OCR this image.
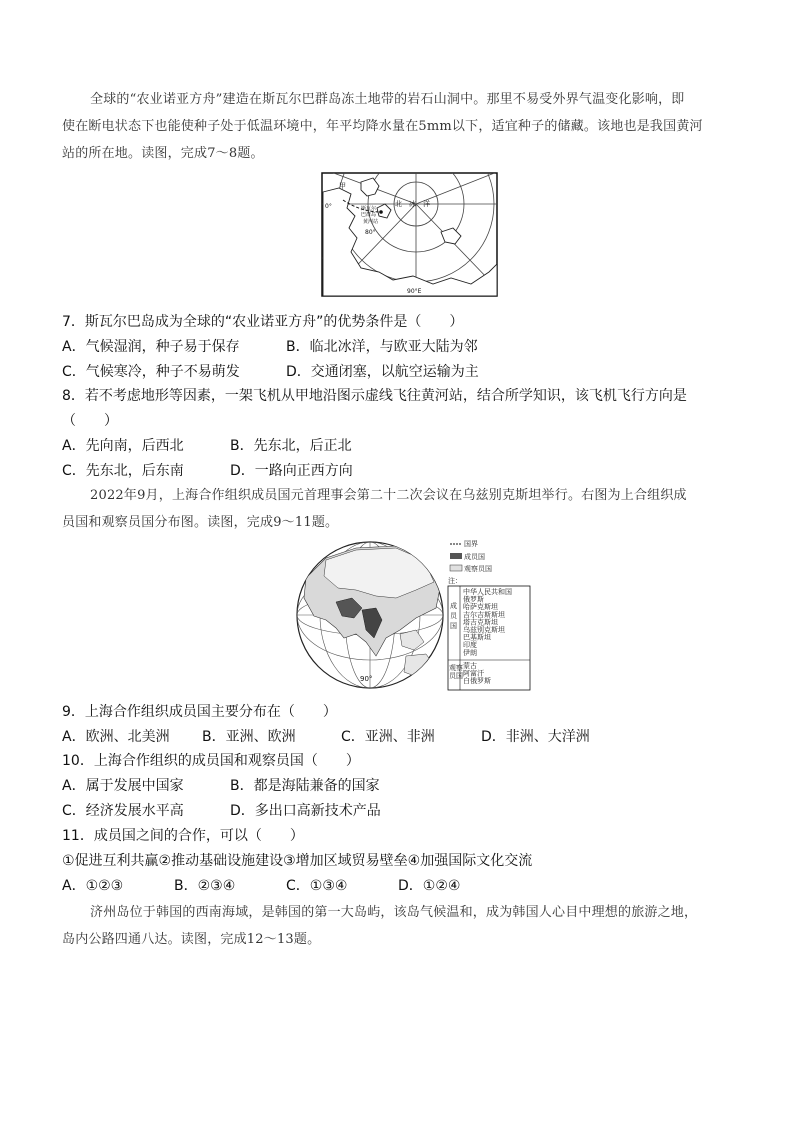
全球的“农业诺亚方舟”建造在斯瓦尔巴群岛冻土地带的岩石山洞中。那里不易受外界气温变化影响，即
使在断电状态下也能使种子处于低温环境中，年平均降水量在5mm以下，适宜种子的储藏。该地也是我国黄河
站的所在地。读图，完成7～8题。
甲
斯瓦尔
巴群岛
黄河站
北　冰　洋
0°
80°
90°E
7．斯瓦尔巴岛成为全球的“农业诺亚方舟”的优势条件是（　　）
A．气候湿润，种子易于保存	B．临北冰洋，与欧亚大陆为邻
C．气候寒冷，种子不易萌发	D．交通闭塞，以航空运输为主
8．若不考虑地形等因素，一架飞机从甲地沿图示虚线飞往黄河站，结合所学知识，该飞机飞行方向是
（　　）
A．先向南，后西北	B．先东北，后正北
C．先东北，后东南	D．一路向正西方向
2022年9月，上海合作组织成员国元首理事会第二十二次会议在乌兹别克斯坦举行。右图为上合组织成
员国和观察员国分布图。读图，完成9～11题。
90°
国界
成员国
观察员国
注：
中华人民共和国
俄罗斯
哈萨克斯坦
吉尔吉斯斯坦
塔吉克斯坦
乌兹别克斯坦
巴基斯坦
印度
伊朗
成
员
国
观察
员国
蒙古
阿富汗
白俄罗斯
9．上海合作组织成员国主要分布在（　　）
A．欧洲、北美洲 B．亚洲、欧洲	C．亚洲、非洲	D．非洲、大洋洲
10．上海合作组织的成员国和观察员国（　　）
A．属于发展中国家	B．都是海陆兼备的国家
C．经济发展水平高	D．多出口高新技术产品
11．成员国之间的合作，可以（　　）
①促进互利共赢②推动基础设施建设③增加区域贸易壁垒④加强国际文化交流
A．①②③	B．②③④	C．①③④	D．①②④
济州岛位于韩国的西南海域，是韩国的第一大岛屿，该岛气候温和，成为韩国人心目中理想的旅游之地，
岛内公路四通八达。读图，完成12～13题。
